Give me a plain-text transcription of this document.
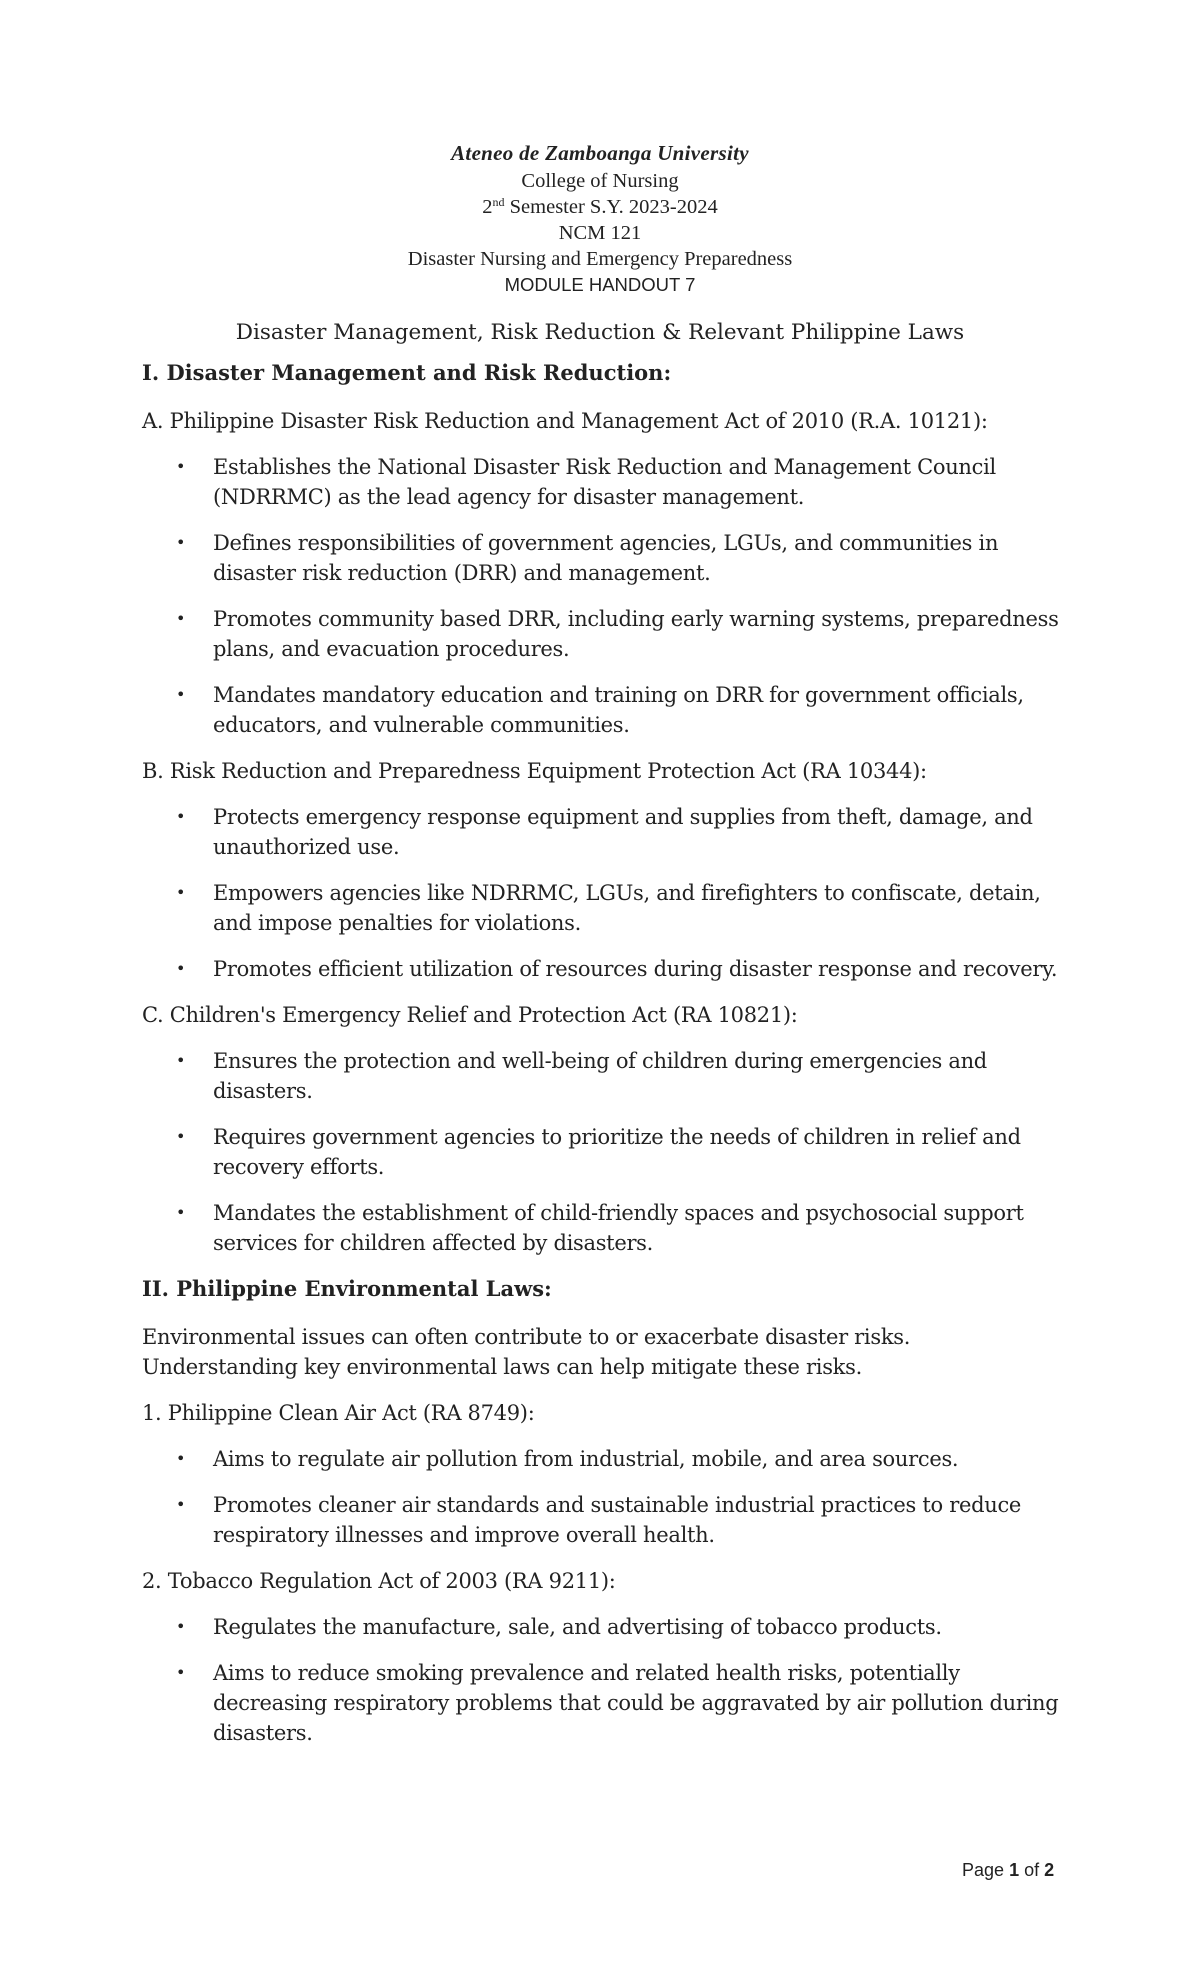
Ateneo de Zamboanga University
College of Nursing
2nd Semester S.Y. 2023-2024
NCM 121
Disaster Nursing and Emergency Preparedness
MODULE HANDOUT 7
Disaster Management, Risk Reduction & Relevant Philippine Laws
I. Disaster Management and Risk Reduction:
A. Philippine Disaster Risk Reduction and Management Act of 2010 (R.A. 10121):
• Establishes the National Disaster Risk Reduction and Management Council (NDRRMC) as the lead agency for disaster management.
• Defines responsibilities of government agencies, LGUs, and communities in disaster risk reduction (DRR) and management.
• Promotes community based DRR, including early warning systems, preparedness plans, and evacuation procedures.
• Mandates mandatory education and training on DRR for government officials, educators, and vulnerable communities.
B. Risk Reduction and Preparedness Equipment Protection Act (RA 10344):
• Protects emergency response equipment and supplies from theft, damage, and unauthorized use.
• Empowers agencies like NDRRMC, LGUs, and firefighters to confiscate, detain, and impose penalties for violations.
• Promotes efficient utilization of resources during disaster response and recovery.
C. Children's Emergency Relief and Protection Act (RA 10821):
• Ensures the protection and well-being of children during emergencies and disasters.
• Requires government agencies to prioritize the needs of children in relief and recovery efforts.
• Mandates the establishment of child-friendly spaces and psychosocial support services for children affected by disasters.
II. Philippine Environmental Laws:
Environmental issues can often contribute to or exacerbate disaster risks. Understanding key environmental laws can help mitigate these risks.
1. Philippine Clean Air Act (RA 8749):
• Aims to regulate air pollution from industrial, mobile, and area sources.
• Promotes cleaner air standards and sustainable industrial practices to reduce respiratory illnesses and improve overall health.
2. Tobacco Regulation Act of 2003 (RA 9211):
• Regulates the manufacture, sale, and advertising of tobacco products.
• Aims to reduce smoking prevalence and related health risks, potentially decreasing respiratory problems that could be aggravated by air pollution during disasters.
Page 1 of 2
